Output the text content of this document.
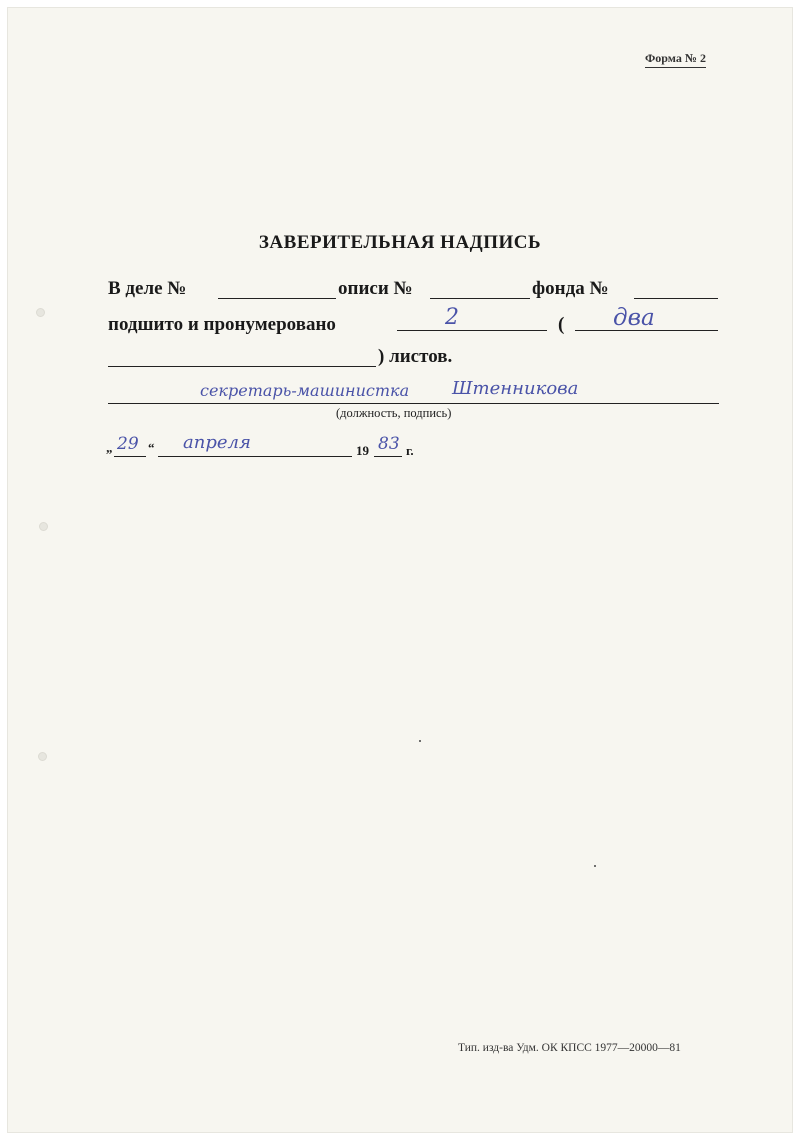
Форма № 2
ЗАВЕРИТЕЛЬНАЯ НАДПИСЬ
В деле №	описи №	фонда №
подшито и пронумеровано	2	( два
) листов.
секретарь-машинистка Штенникова
(должность, подпись)
„ 29 “ апреля	19 83 г.
Тип. изд-ва Удм. ОК КПСС 1977—20000—81
